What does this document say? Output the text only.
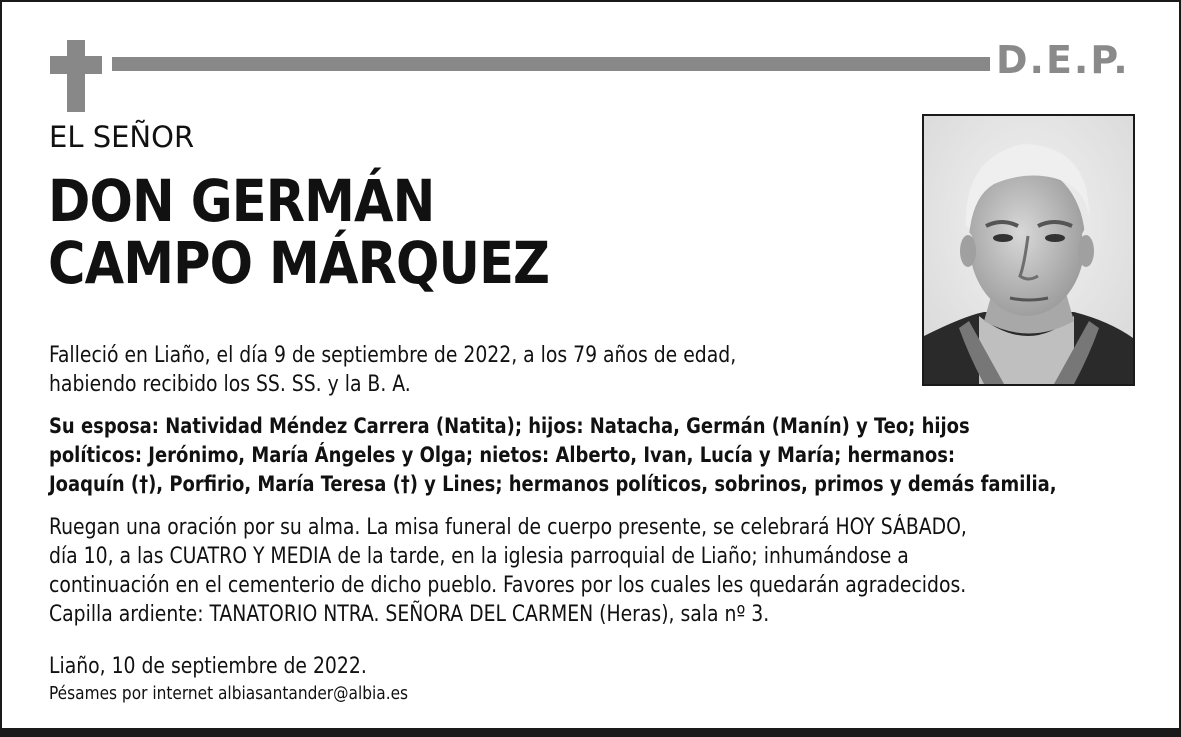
D.E.P.
EL SEÑOR
DON GERMÁN
CAMPO MÁRQUEZ
Falleció en Liaño, el día 9 de septiembre de 2022, a los 79 años de edad,
habiendo recibido los SS. SS. y la B. A.
Su esposa: Natividad Méndez Carrera (Natita); hijos: Natacha, Germán (Manín) y Teo; hijos
políticos: Jerónimo, María Ángeles y Olga; nietos: Alberto, Ivan, Lucía y María; hermanos:
Joaquín (†), Porfirio, María Teresa (†) y Lines; hermanos políticos, sobrinos, primos y demás familia,
Ruegan una oración por su alma. La misa funeral de cuerpo presente, se celebrará HOY SÁBADO,
día 10, a las CUATRO Y MEDIA de la tarde, en la iglesia parroquial de Liaño; inhumándose a
continuación en el cementerio de dicho pueblo. Favores por los cuales les quedarán agradecidos.
Capilla ardiente: TANATORIO NTRA. SEÑORA DEL CARMEN (Heras), sala nº 3.
Liaño, 10 de septiembre de 2022.
Pésames por internet albiasantander@albia.es
